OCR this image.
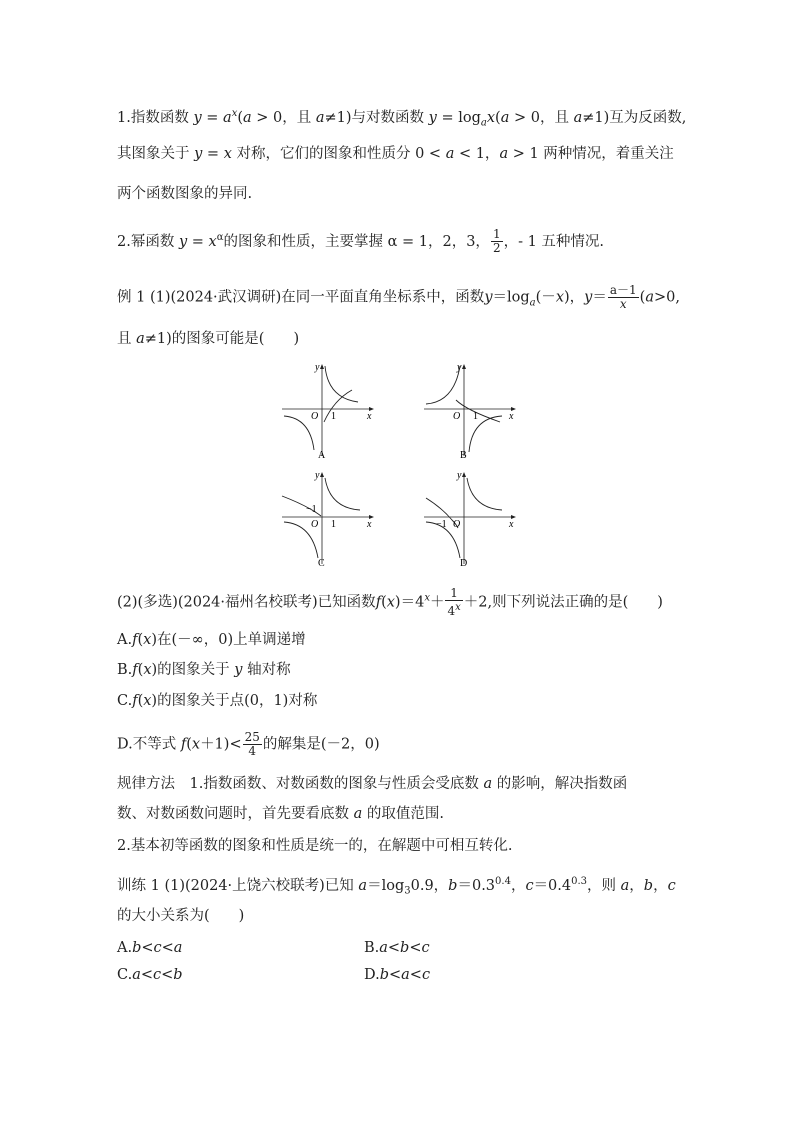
1.指数函数 $y = a^x(a > 0$，且 a≠1)与对数函数 $y = \log_ax(a > 0$，且 a≠1)互为反函数,
其图象关于 y = x 对称，它们的图象和性质分 0 < a < 1，a > 1 两种情况，着重关注
两个函数图象的异同.
2.幂函数 $y = x^\alpha$的图象和性质，主要掌握 α = 1，2，3， $\frac{1}{2}$ ，- 1 五种情况.
例 1 (1)(2024·武汉调研)在同一平面直角坐标系中，函数$y=\log_a(-x)$，$y= \frac{a-1}{x} (a>0$,
且 a≠1)的图象可能是(　　)
x
y
O 1
A
x
y
O 1
B
x
y
O 1
−1
C
x
y
O
−1
D
(2)(多选)(2024·福州名校联考)已知函数$f(x)=4^x+ \frac{1}{4^x} +2$,则下列说法正确的是(　　)
A.f(x)在(－∞，0)上单调递增
B.f(x)的图象关于 y 轴对称
C.f(x)的图象关于点(0，1)对称
D.不等式 $f(x+1)< \frac{25}{4}$ 的解集是(－2，0)
规律方法　1.指数函数、对数函数的图象与性质会受底数 a 的影响，解决指数函
数、对数函数问题时，首先要看底数 a 的取值范围.
2.基本初等函数的图象和性质是统一的，在解题中可相互转化.
训练 1 (1)(2024·上饶六校联考)已知 $a=\log_30.9$，$b=0.3^{0.4}$，$c=0.4^{0.3}$，则 a，b，c
的大小关系为(　　)
A.b<c<a	B.a<b<c
C.a<c<b	D.b<a<c
